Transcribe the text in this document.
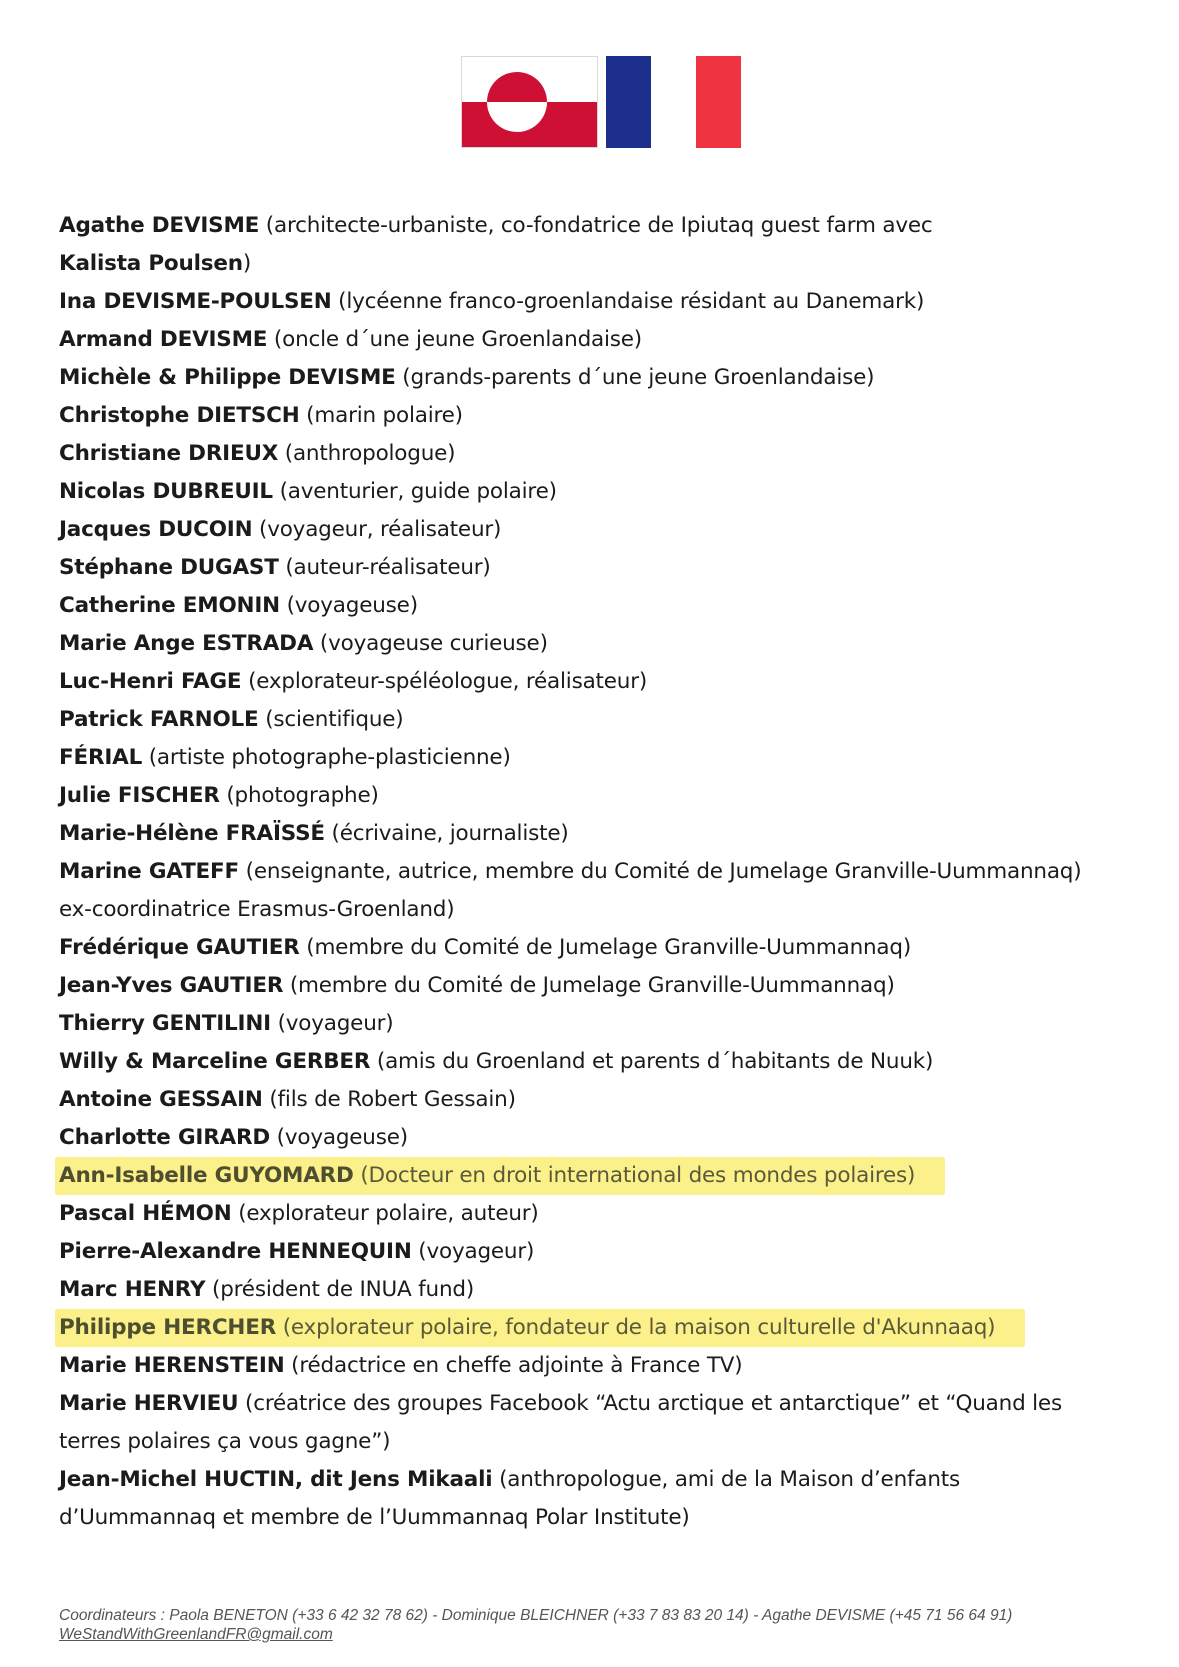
Agathe DEVISME (architecte-urbaniste, co-fondatrice de Ipiutaq guest farm avec
Kalista Poulsen)
Ina DEVISME-POULSEN (lycéenne franco-groenlandaise résidant au Danemark)
Armand DEVISME (oncle d´une jeune Groenlandaise)
Michèle & Philippe DEVISME (grands-parents d´une jeune Groenlandaise)
Christophe DIETSCH (marin polaire)
Christiane DRIEUX (anthropologue)
Nicolas DUBREUIL (aventurier, guide polaire)
Jacques DUCOIN (voyageur, réalisateur)
Stéphane DUGAST (auteur-réalisateur)
Catherine EMONIN (voyageuse)
Marie Ange ESTRADA (voyageuse curieuse)
Luc-Henri FAGE (explorateur-spéléologue, réalisateur)
Patrick FARNOLE (scientifique)
FÉRIAL (artiste photographe-plasticienne)
Julie FISCHER (photographe)
Marie-Hélène FRAÏSSÉ (écrivaine, journaliste)
Marine GATEFF (enseignante, autrice, membre du Comité de Jumelage Granville-Uummannaq)
ex-coordinatrice Erasmus-Groenland)
Frédérique GAUTIER (membre du Comité de Jumelage Granville-Uummannaq)
Jean-Yves GAUTIER (membre du Comité de Jumelage Granville-Uummannaq)
Thierry GENTILINI (voyageur)
Willy & Marceline GERBER (amis du Groenland et parents d´habitants de Nuuk)
Antoine GESSAIN (fils de Robert Gessain)
Charlotte GIRARD (voyageuse)
Ann-Isabelle GUYOMARD (Docteur en droit international des mondes polaires)
Pascal HÉMON (explorateur polaire, auteur)
Pierre-Alexandre HENNEQUIN (voyageur)
Marc HENRY (président de INUA fund)
Philippe HERCHER (explorateur polaire, fondateur de la maison culturelle d'Akunnaaq)
Marie HERENSTEIN (rédactrice en cheffe adjointe à France TV)
Marie HERVIEU (créatrice des groupes Facebook “Actu arctique et antarctique” et “Quand les
terres polaires ça vous gagne”)
Jean-Michel HUCTIN, dit Jens Mikaali (anthropologue, ami de la Maison d’enfants
d’Uummannaq et membre de l’Uummannaq Polar Institute)
Coordinateurs : Paola BENETON (+33 6 42 32 78 62) - Dominique BLEICHNER (+33 7 83 83 20 14) - Agathe DEVISME (+45 71 56 64 91)
WeStandWithGreenlandFR@gmail.com
